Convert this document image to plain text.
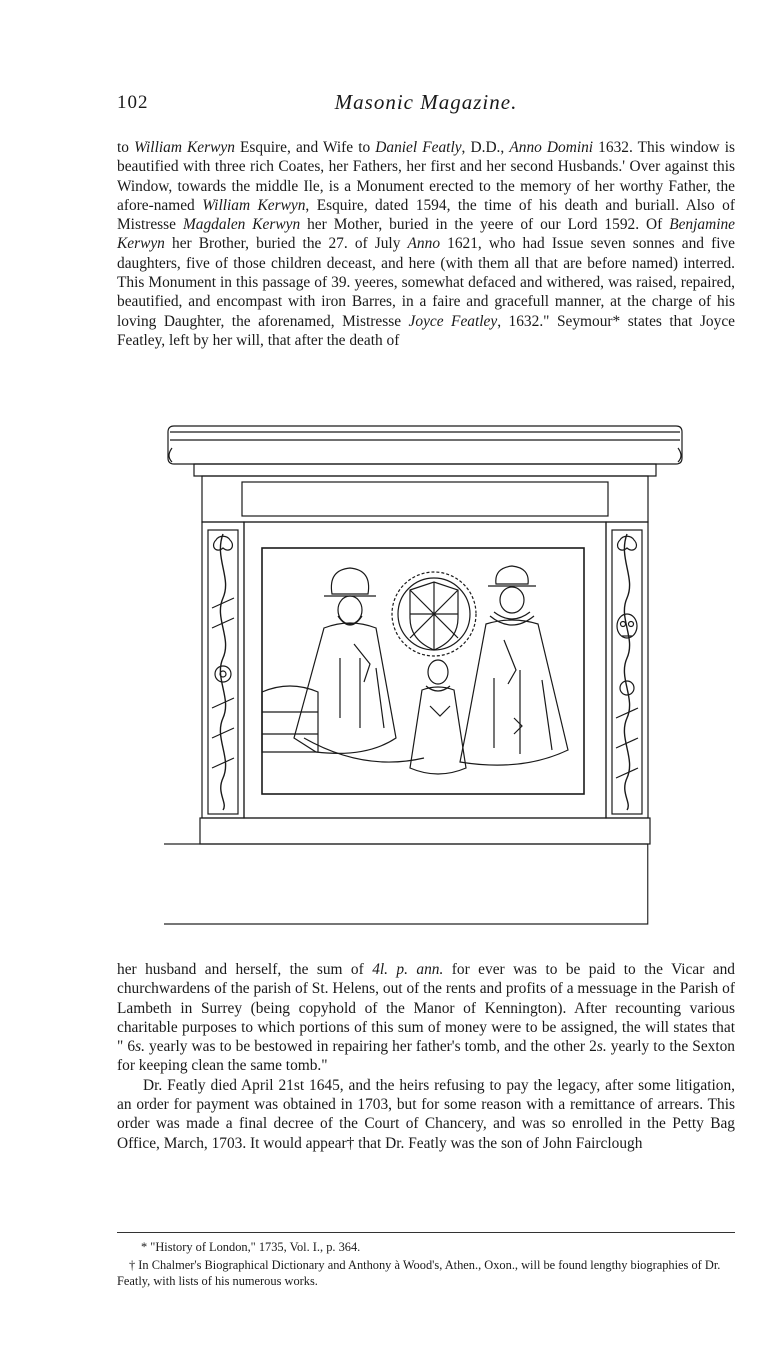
102	Masonic Magazine.

to William Kerwyn Esquire, and Wife to Daniel Featly, D.D., Anno Domini 1632. This window is beautified with three rich Coates, her Fathers, her first and her second Husbands.' Over against this Window, towards the middle Ile, is a Monument erected to the memory of her worthy Father, the afore-named William Kerwyn, Esquire, dated 1594, the time of his death and buriall. Also of Mistresse Magdalen Kerwyn her Mother, buried in the yeere of our Lord 1592. Of Benjamine Kerwyn her Brother, buried the 27. of July Anno 1621, who had Issue seven sonnes and five daughters, five of those children deceast, and here (with them all that are before named) interred. This Monument in this passage of 39. yeeres, somewhat defaced and withered, was raised, repaired, beautified, and encompast with iron Barres, in a faire and gracefull manner, at the charge of his loving Daughter, the aforenamed, Mistresse Joyce Featley, 1632." Seymour* states that Joyce Featley, left by her will, that after the death of

her husband and herself, the sum of 4l. p. ann. for ever was to be paid to the Vicar and churchwardens of the parish of St. Helens, out of the rents and profits of a messuage in the Parish of Lambeth in Surrey (being copyhold of the Manor of Kennington). After recounting various charitable purposes to which portions of this sum of money were to be assigned, the will states that " 6s. yearly was to be bestowed in repairing her father's tomb, and the other 2s. yearly to the Sexton for keeping clean the same tomb."

Dr. Featly died April 21st 1645, and the heirs refusing to pay the legacy, after some litigation, an order for payment was obtained in 1703, but for some reason with a remittance of arrears. This order was made a final decree of the Court of Chancery, and was so enrolled in the Petty Bag Office, March, 1703. It would appear† that Dr. Featly was the son of John Fairclough

* "History of London," 1735, Vol. I., p. 364.

† In Chalmer's Biographical Dictionary and Anthony à Wood's, Athen., Oxon., will be found lengthy biographies of Dr. Featly, with lists of his numerous works.
